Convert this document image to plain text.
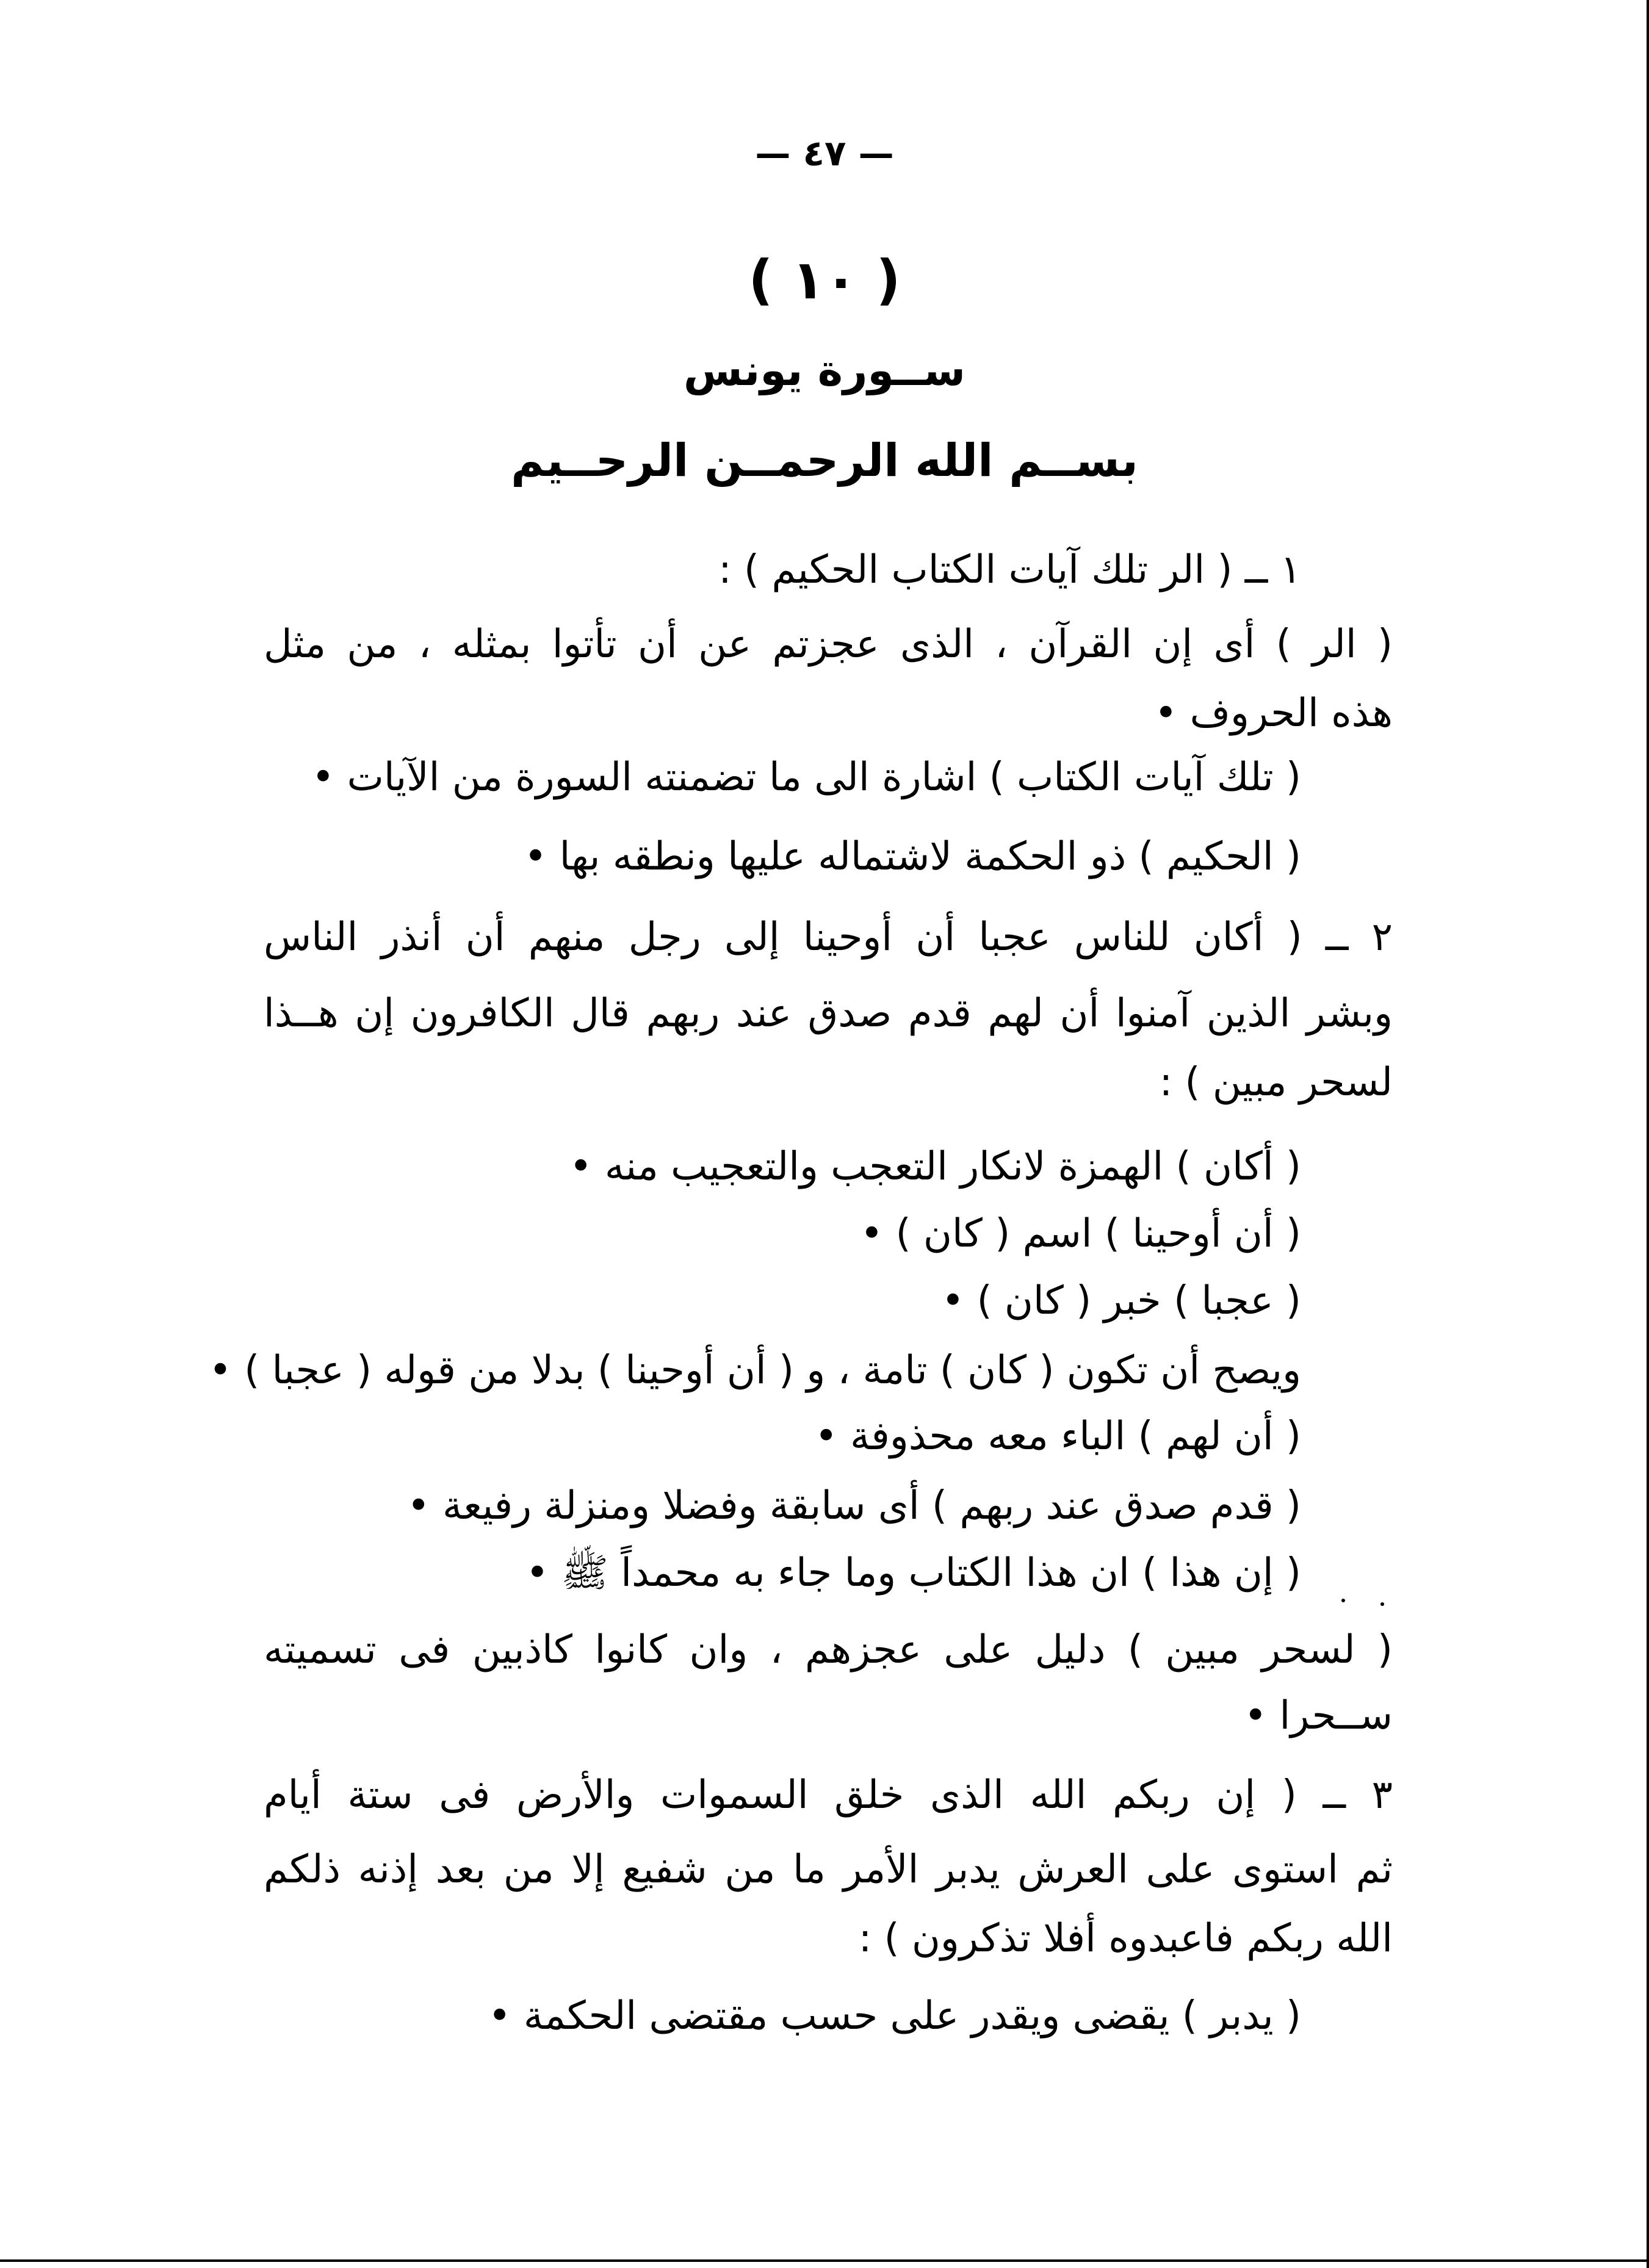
— ٤٧ —
( ١٠ )
ســورة يونس
بســم الله الرحمــن الرحــيم
١ ــ ( الر تلك آيات الكتاب الحكيم ) :
( الر ) أى إن القرآن ، الذى عجزتم عن أن تأتوا بمثله ، من مثل
هذه الحروف •
( تلك آيات الكتاب ) اشارة الى ما تضمنته السورة من الآيات •
( الحكيم ) ذو الحكمة لاشتماله عليها ونطقه بها •
٢ ــ ( أكان للناس عجبا أن أوحينا إلى رجل منهم أن أنذر الناس
وبشر الذين آمنوا أن لهم قدم صدق عند ربهم قال الكافرون إن هــذا
لسحر مبين ) :
( أكان ) الهمزة لانكار التعجب والتعجيب منه •
( أن أوحينا ) اسم ( كان ) •
( عجبا ) خبر ( كان ) •
ويصح أن تكون ( كان ) تامة ، و ( أن أوحينا ) بدلا من قوله ( عجبا ) •
( أن لهم ) الباء معه محذوفة •
( قدم صدق عند ربهم ) أى سابقة وفضلا ومنزلة رفيعة •
( إن هذا ) ان هذا الكتاب وما جاء به محمداً ﷺ •
( لسحر مبين ) دليل على عجزهم ، وان كانوا كاذبين فى تسميته
ســحرا •
٣ ــ ( إن ربكم الله الذى خلق السموات والأرض فى ستة أيام
ثم استوى على العرش يدبر الأمر ما من شفيع إلا من بعد إذنه ذلكم
الله ربكم فاعبدوه أفلا تذكرون ) :
( يدبر ) يقضى ويقدر على حسب مقتضى الحكمة •
